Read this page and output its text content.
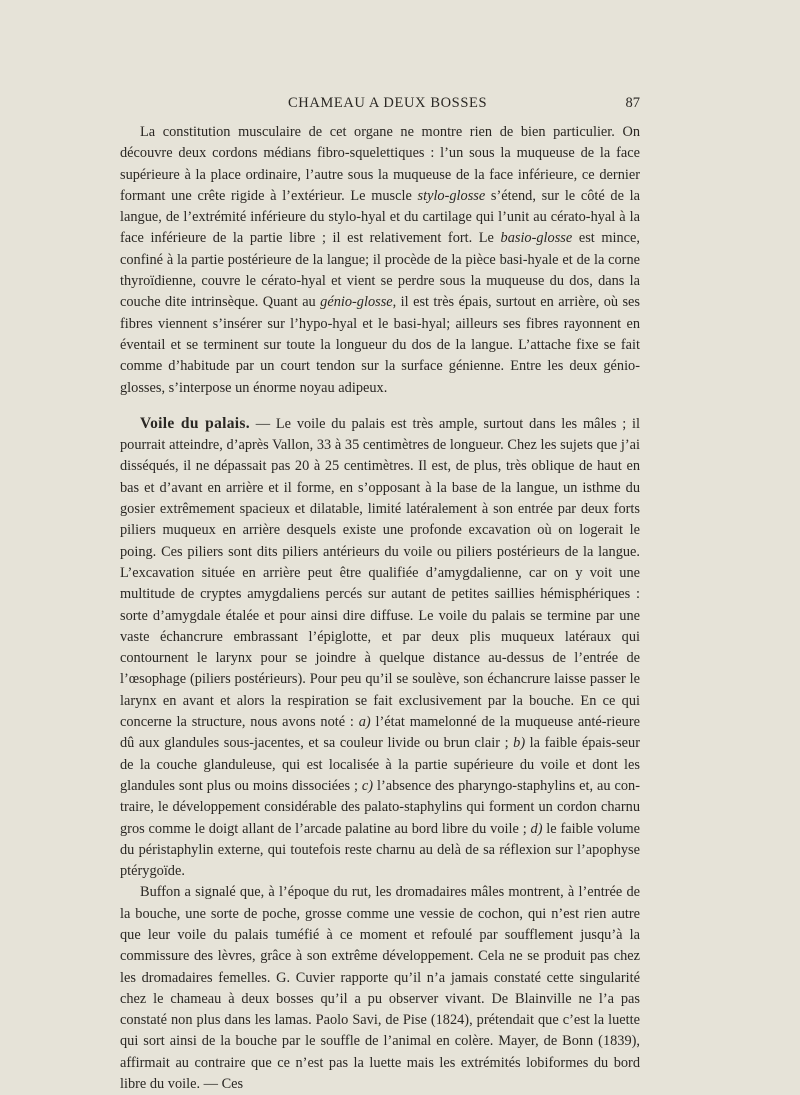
CHAMEAU A DEUX BOSSES	87

La constitution musculaire de cet organe ne montre rien de bien particulier. On découvre deux cordons médians fibro-squelettiques : l’un sous la muqueuse de la face supérieure à la place ordinaire, l’autre sous la muqueuse de la face inférieure, ce dernier formant une crête rigide à l’extérieur. Le muscle stylo-glosse s’étend, sur le côté de la langue, de l’extrémité inférieure du stylo-hyal et du cartilage qui l’unit au cérato-hyal à la face inférieure de la partie libre ; il est relativement fort. Le basio-glosse est mince, confiné à la partie postérieure de la langue; il procède de la pièce basi-hyale et de la corne thyroïdienne, couvre le cérato-hyal et vient se perdre sous la muqueuse du dos, dans la couche dite intrinsèque. Quant au génio-glosse, il est très épais, surtout en arrière, où ses fibres viennent s’insérer sur l’hypo-hyal et le basi-hyal; ailleurs ses fibres rayonnent en éventail et se terminent sur toute la longueur du dos de la langue. L’attache fixe se fait comme d’habitude par un court tendon sur la surface génienne. Entre les deux génio-glosses, s’interpose un énorme noyau adipeux.

Voile du palais. — Le voile du palais est très ample, surtout dans les mâles ; il pourrait atteindre, d’après Vallon, 33 à 35 centimètres de longueur. Chez les sujets que j’ai disséqués, il ne dépassait pas 20 à 25 centimètres. Il est, de plus, très oblique de haut en bas et d’avant en arrière et il forme, en s’opposant à la base de la langue, un isthme du gosier extrêmement spacieux et dilatable, limité latéralement à son entrée par deux forts piliers muqueux en arrière desquels existe une profonde excavation où on logerait le poing. Ces piliers sont dits piliers antérieurs du voile ou piliers postérieurs de la langue. L’excavation située en arrière peut être qualifiée d’amygdalienne, car on y voit une multitude de cryptes amygdaliens percés sur autant de petites saillies hémisphériques : sorte d’amygdale étalée et pour ainsi dire diffuse. Le voile du palais se termine par une vaste échancrure embrassant l’épiglotte, et par deux plis muqueux latéraux qui contournent le larynx pour se joindre à quelque distance au-dessus de l’entrée de l’œsophage (piliers postérieurs). Pour peu qu’il se soulève, son échancrure laisse passer le larynx en avant et alors la respiration se fait exclusivement par la bouche. En ce qui concerne la structure, nous avons noté : a) l’état mamelonné de la muqueuse anté-rieure dû aux glandules sous-jacentes, et sa couleur livide ou brun clair ; b) la faible épais-seur de la couche glanduleuse, qui est localisée à la partie supérieure du voile et dont les glandules sont plus ou moins dissociées ; c) l’absence des pharyngo-staphylins et, au con-traire, le développement considérable des palato-staphylins qui forment un cordon charnu gros comme le doigt allant de l’arcade palatine au bord libre du voile ; d) le faible volume du péristaphylin externe, qui toutefois reste charnu au delà de sa réflexion sur l’apophyse ptérygoïde.

Buffon a signalé que, à l’époque du rut, les dromadaires mâles montrent, à l’entrée de la bouche, une sorte de poche, grosse comme une vessie de cochon, qui n’est rien autre que leur voile du palais tuméfié à ce moment et refoulé par soufflement jusqu’à la commissure des lèvres, grâce à son extrême développement. Cela ne se produit pas chez les dromadaires femelles. G. Cuvier rapporte qu’il n’a jamais constaté cette singularité chez le chameau à deux bosses qu’il a pu observer vivant. De Blainville ne l’a pas constaté non plus dans les lamas. Paolo Savi, de Pise (1824), prétendait que c’est la luette qui sort ainsi de la bouche par le souffle de l’animal en colère. Mayer, de Bonn (1839), affirmait au contraire que ce n’est pas la luette mais les extrémités lobiformes du bord libre du voile. — Ces
